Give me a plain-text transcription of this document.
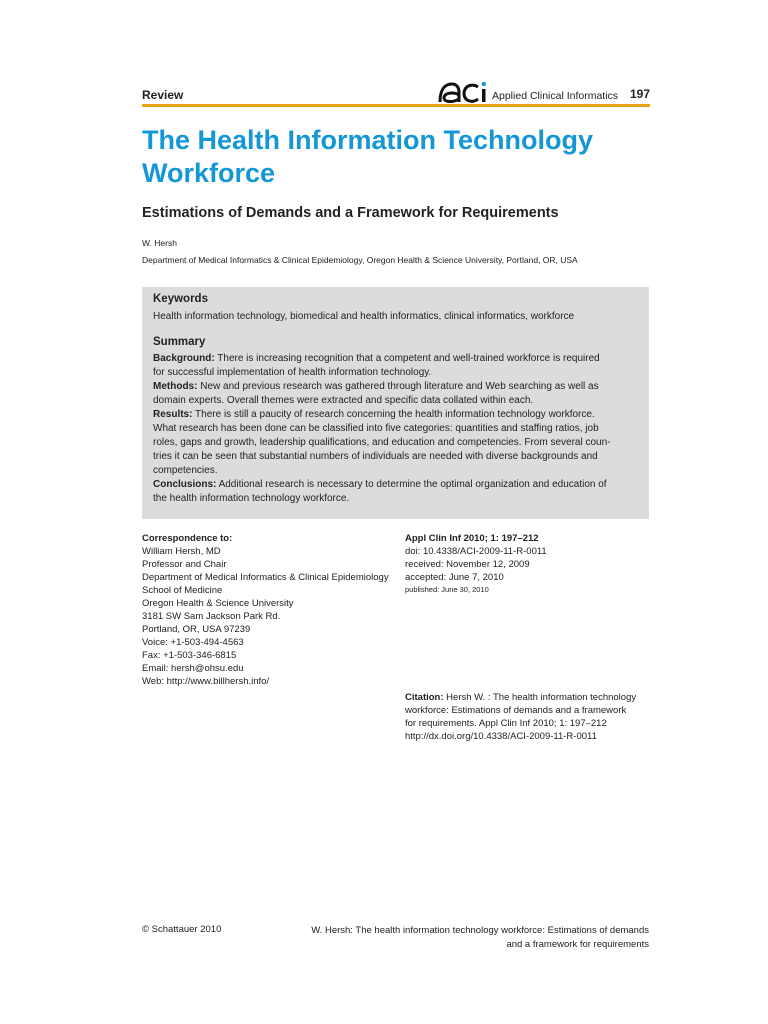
Review	Applied Clinical Informatics 197
The Health Information Technology
Workforce
Estimations of Demands and a Framework for Requirements
W. Hersh
Department of Medical Informatics & Clinical Epidemiology, Oregon Health & Science University, Portland, OR, USA

Keywords

Health information technology, biomedical and health informatics, clinical informatics, workforce

Summary

Background: There is increasing recognition that a competent and well-trained workforce is required
for successful implementation of health information technology.
Methods: New and previous research was gathered through literature and Web searching as well as
domain experts. Overall themes were extracted and specific data collated within each.
Results: There is still a paucity of research concerning the health information technology workforce.
What research has been done can be classified into five categories: quantities and staffing ratios, job
roles, gaps and growth, leadership qualifications, and education and competencies. From several coun-
tries it can be seen that substantial numbers of individuals are needed with diverse backgrounds and
competencies.
Conclusions: Additional research is necessary to determine the optimal organization and education of
the health information technology workforce.
Correspondence to:
William Hersh, MD
Professor and Chair
Department of Medical Informatics & Clinical Epidemiology
School of Medicine
Oregon Health & Science University
3181 SW Sam Jackson Park Rd.
Portland, OR, USA 97239
Voice: +1-503-494-4563
Fax: +1-503-346-6815
Email: hersh@ohsu.edu
Web: http://www.billhersh.info/
Appl Clin Inf 2010; 1: 197–212
doi: 10.4338/ACI-2009-11-R-0011
received: November 12, 2009
accepted: June 7, 2010
published: June 30, 2010
Citation: Hersh W. : The health information technology
workforce: Estimations of demands and a framework
for requirements. Appl Clin Inf 2010; 1: 197–212
http://dx.doi.org/10.4338/ACI-2009-11-R-0011
© Schattauer 2010	W. Hersh: The health information technology workforce: Estimations of demands
and a framework for requirements
